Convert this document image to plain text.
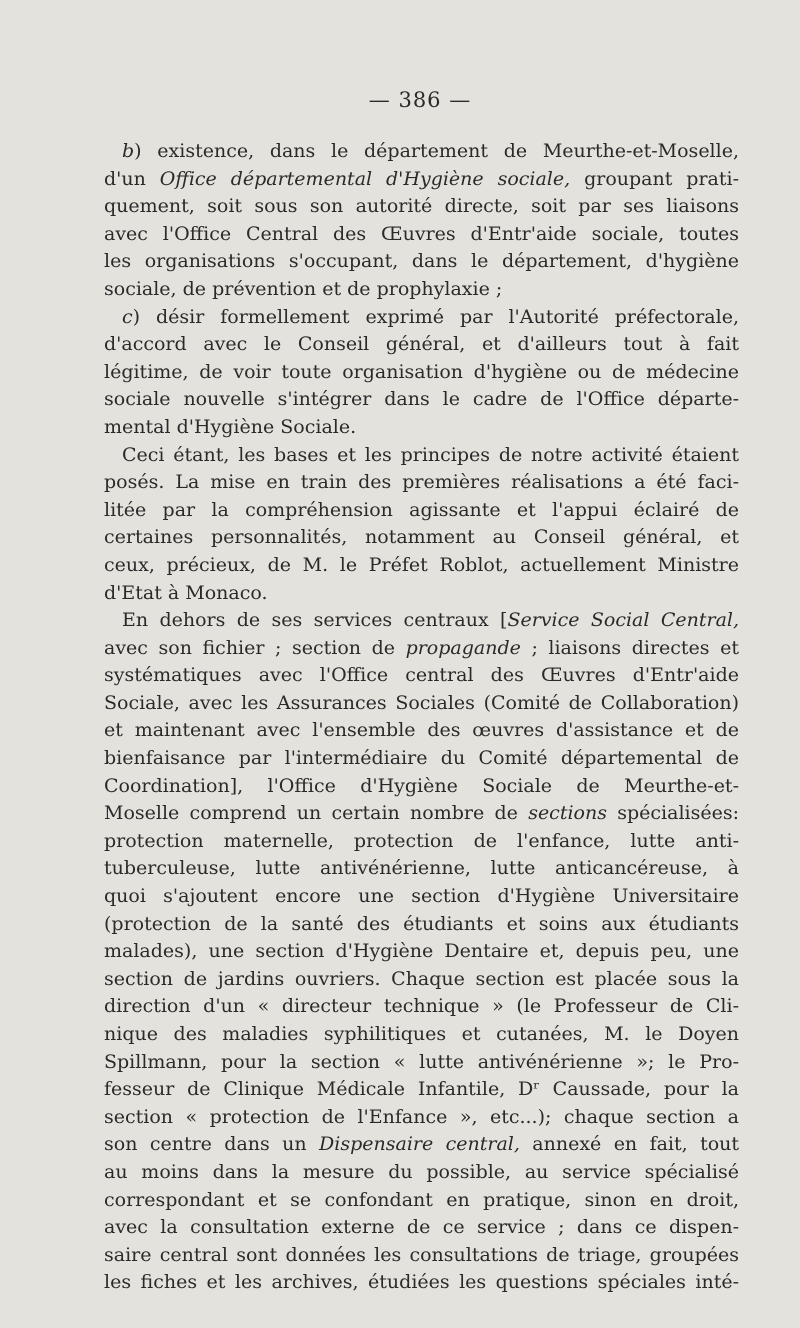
— 386 —
b) existence, dans le département de Meurthe-et-Moselle,
d'un Office départemental d'Hygiène sociale, groupant prati-
quement, soit sous son autorité directe, soit par ses liaisons
avec l'Office Central des Œuvres d'Entr'aide sociale, toutes
les organisations s'occupant, dans le département, d'hygiène
sociale, de prévention et de prophylaxie ;
c) désir formellement exprimé par l'Autorité préfectorale,
d'accord avec le Conseil général, et d'ailleurs tout à fait
légitime, de voir toute organisation d'hygiène ou de médecine
sociale nouvelle s'intégrer dans le cadre de l'Office départe-
mental d'Hygiène Sociale.
Ceci étant, les bases et les principes de notre activité étaient
posés. La mise en train des premières réalisations a été faci-
litée par la compréhension agissante et l'appui éclairé de
certaines personnalités, notamment au Conseil général, et
ceux, précieux, de M. le Préfet Roblot, actuellement Ministre
d'Etat à Monaco.
En dehors de ses services centraux [Service Social Central,
avec son fichier ; section de propagande ; liaisons directes et
systématiques avec l'Office central des Œuvres d'Entr'aide
Sociale, avec les Assurances Sociales (Comité de Collaboration)
et maintenant avec l'ensemble des œuvres d'assistance et de
bienfaisance par l'intermédiaire du Comité départemental de
Coordination], l'Office d'Hygiène Sociale de Meurthe-et-
Moselle comprend un certain nombre de sections spécialisées:
protection maternelle, protection de l'enfance, lutte anti-
tuberculeuse, lutte antivénérienne, lutte anticancéreuse, à
quoi s'ajoutent encore une section d'Hygiène Universitaire
(protection de la santé des étudiants et soins aux étudiants
malades), une section d'Hygiène Dentaire et, depuis peu, une
section de jardins ouvriers. Chaque section est placée sous la
direction d'un « directeur technique » (le Professeur de Cli-
nique des maladies syphilitiques et cutanées, M. le Doyen
Spillmann, pour la section « lutte antivénérienne »; le Pro-
fesseur de Clinique Médicale Infantile, Dʳ Caussade, pour la
section « protection de l'Enfance », etc...); chaque section a
son centre dans un Dispensaire central, annexé en fait, tout
au moins dans la mesure du possible, au service spécialisé
correspondant et se confondant en pratique, sinon en droit,
avec la consultation externe de ce service ; dans ce dispen-
saire central sont données les consultations de triage, groupées
les fiches et les archives, étudiées les questions spéciales inté-
